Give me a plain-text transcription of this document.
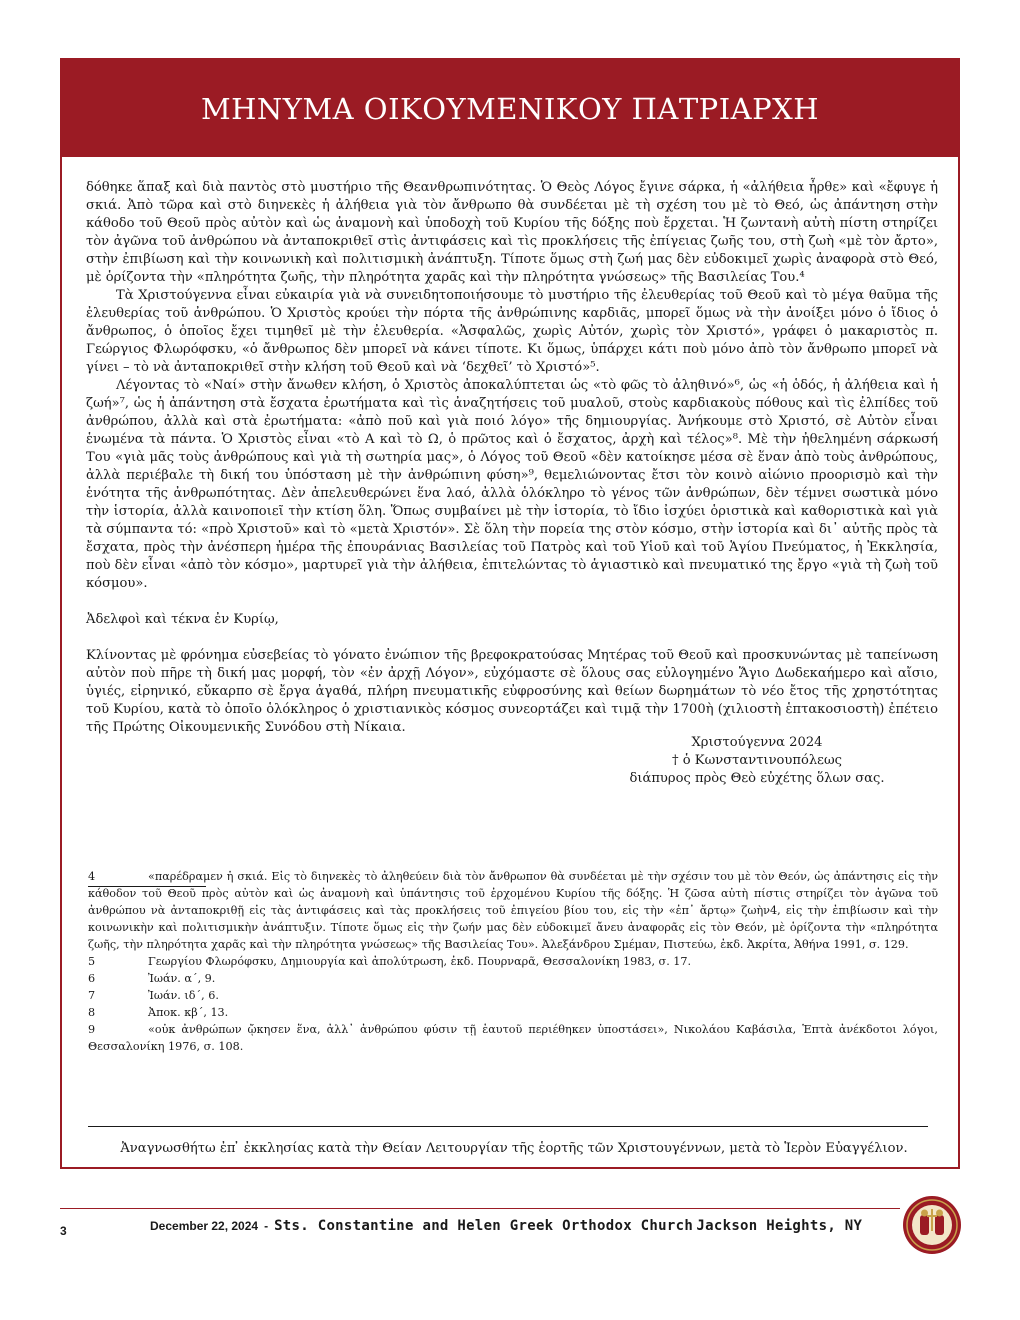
ΜΗΝΥΜΑ ΟΙΚΟΥΜΕΝΙΚΟΥ ΠΑΤΡΙΑΡΧΗ

δόθηκε ἅπαξ καὶ διὰ παντὸς στὸ μυστήριο τῆς Θεανθρωπινότητας. Ὁ Θεὸς Λόγος ἔγινε σάρκα, ἡ «ἀλήθεια ἦρθε» καὶ «ἔφυγε ἡ σκιά. Ἀπὸ τῶρα καὶ στὸ διηνεκὲς ἡ ἀλήθεια γιὰ τὸν ἄνθρωπο θὰ συνδέεται μὲ τὴ σχέση του μὲ τὸ Θεό, ὡς ἀπάντηση στὴν κάθοδο τοῦ Θεοῦ πρὸς αὐτὸν καὶ ὡς ἀναμονὴ καὶ ὑποδοχὴ τοῦ Κυρίου τῆς δόξης ποὺ ἔρχεται. Ἡ ζωντανὴ αὐτὴ πίστη στηρίζει τὸν ἀγῶνα τοῦ ἀνθρώπου νὰ ἀνταποκριθεῖ στὶς ἀντιφάσεις καὶ τὶς προκλήσεις τῆς ἐπίγειας ζωῆς του, στὴ ζωὴ «μὲ τὸν ἄρτο», στὴν ἐπιβίωση καὶ τὴν κοινωνικὴ καὶ πολιτισμικὴ ἀνάπτυξη. Τίποτε ὅμως στὴ ζωή μας δὲν εὐδοκιμεῖ χωρὶς ἀναφορὰ στὸ Θεό, μὲ ὁρίζοντα τὴν «πληρότητα ζωῆς, τὴν πληρότητα χαρᾶς καὶ τὴν πληρότητα γνώσεως» τῆς Βασιλείας Του.⁴

Τὰ Χριστούγεννα εἶναι εὐκαιρία γιὰ νὰ συνειδητοποιήσουμε τὸ μυστήριο τῆς ἐλευθερίας τοῦ Θεοῦ καὶ τὸ μέγα θαῦμα τῆς ἐλευθερίας τοῦ ἀνθρώπου. Ὁ Χριστὸς κρούει τὴν πόρτα τῆς ἀνθρώπινης καρδιᾶς, μπορεῖ ὅμως νὰ τὴν ἀνοίξει μόνο ὁ ἴδιος ὁ ἄνθρωπος, ὁ ὁποῖος ἔχει τιμηθεῖ μὲ τὴν ἐλευθερία. «Ἀσφαλῶς, χωρὶς Αὐτόν, χωρὶς τὸν Χριστό», γράφει ὁ μακαριστὸς π. Γεώργιος Φλωρόφσκυ, «ὁ ἄνθρωπος δὲν μπορεῖ νὰ κάνει τίποτε. Κι ὅμως, ὑπάρχει κάτι ποὺ μόνο ἀπὸ τὸν ἄνθρωπο μπορεῖ νὰ γίνει – τὸ νὰ ἀνταποκριθεῖ στὴν κλήση τοῦ Θεοῦ καὶ νὰ ‘δεχθεῖ’ τὸ Χριστό»⁵.

Λέγοντας τὸ «Ναί» στὴν ἄνωθεν κλήση, ὁ Χριστὸς ἀποκαλύπτεται ὡς «τὸ φῶς τὸ ἀληθινό»⁶, ὡς «ἡ ὁδός, ἡ ἀλήθεια καὶ ἡ ζωή»⁷, ὡς ἡ ἀπάντηση στὰ ἔσχατα ἐρωτήματα καὶ τὶς ἀναζητήσεις τοῦ μυαλοῦ, στοὺς καρδιακοὺς πόθους καὶ τὶς ἐλπίδες τοῦ ἀνθρώπου, ἀλλὰ καὶ στὰ ἐρωτήματα: «ἀπὸ ποῦ καὶ γιὰ ποιό λόγο» τῆς δημιουργίας. Ἀνήκουμε στὸ Χριστό, σὲ Αὐτὸν εἶναι ἑνωμένα τὰ πάντα. Ὁ Χριστὸς εἶναι «τὸ Α καὶ τὸ Ω, ὁ πρῶτος καὶ ὁ ἔσχατος, ἀρχὴ καὶ τέλος»⁸. Μὲ τὴν ἠθελημένη σάρκωσή Του «γιὰ μᾶς τοὺς ἀνθρώπους καὶ γιὰ τὴ σωτηρία μας», ὁ Λόγος τοῦ Θεοῦ «δὲν κατοίκησε μέσα σὲ ἕναν ἀπὸ τοὺς ἀνθρώπους, ἀλλὰ περιέβαλε τὴ δική του ὑπόσταση μὲ τὴν ἀνθρώπινη φύση»⁹, θεμελιώνοντας ἔτσι τὸν κοινὸ αἰώνιο προορισμὸ καὶ τὴν ἑνότητα τῆς ἀνθρωπότητας. Δὲν ἀπελευθερώνει ἕνα λαό, ἀλλὰ ὁλόκληρο τὸ γένος τῶν ἀνθρώπων, δὲν τέμνει σωστικὰ μόνο τὴν ἱστορία, ἀλλὰ καινοποιεῖ τὴν κτίση ὅλη. Ὅπως συμβαίνει μὲ τὴν ἱστορία, τὸ ἴδιο ἰσχύει ὁριστικὰ καὶ καθοριστικὰ καὶ γιὰ τὰ σύμπαντα τό: «πρὸ Χριστοῦ» καὶ τὸ «μετὰ Χριστόν». Σὲ ὅλη τὴν πορεία της στὸν κόσμο, στὴν ἱστορία καὶ δι᾿ αὐτῆς πρὸς τὰ ἔσχατα, πρὸς τὴν ἀνέσπερη ἡμέρα τῆς ἐπουράνιας Βασιλείας τοῦ Πατρὸς καὶ τοῦ Υἱοῦ καὶ τοῦ Ἁγίου Πνεύματος, ἡ Ἐκκλησία, ποὺ δὲν εἶναι «ἀπὸ τὸν κόσμο», μαρτυρεῖ γιὰ τὴν ἀλήθεια, ἐπιτελώντας τὸ ἁγιαστικὸ καὶ πνευματικό της ἔργο «γιὰ τὴ ζωὴ τοῦ κόσμου».

Ἀδελφοὶ καὶ τέκνα ἐν Κυρίῳ,

Κλίνοντας μὲ φρόνημα εὐσεβείας τὸ γόνατο ἐνώπιον τῆς βρεφοκρατούσας Μητέρας τοῦ Θεοῦ καὶ προσκυνώντας μὲ ταπείνωση αὐτὸν ποὺ πῆρε τὴ δική μας μορφή, τὸν «ἐν ἀρχῇ Λόγον», εὐχόμαστε σὲ ὅλους σας εὐλογημένο Ἅγιο Δωδεκαήμερο καὶ αἴσιο, ὑγιές, εἰρηνικό, εὔκαρπο σὲ ἔργα ἀγαθά, πλήρη πνευματικῆς εὐφροσύνης καὶ θείων δωρημάτων τὸ νέο ἔτος τῆς χρηστότητας τοῦ Κυρίου, κατὰ τὸ ὁποῖο ὁλόκληρος ὁ χριστιανικὸς κόσμος συνεορτάζει καὶ τιμᾷ τὴν 1700ὴ (χιλιοστὴ ἑπτακοσιοστὴ) ἐπέτειο τῆς Πρώτης Οἰκουμενικῆς Συνόδου στὴ Νίκαια.

Χριστούγεννα 2024
† ὁ Κωνσταντινουπόλεως
διάπυρος πρὸς Θεὸ εὐχέτης ὅλων σας.
4	«παρέδραμεν ἡ σκιά. Εἰς τὸ διηνεκὲς τὸ ἀληθεύειν διὰ τὸν ἄνθρωπον θὰ συνδέεται μὲ τὴν σχέσιν του μὲ τὸν Θεόν, ὡς ἀπάντησις εἰς τὴν κάθοδον τοῦ Θεοῦ πρὸς αὐτὸν καὶ ὡς ἀναμονὴ καὶ ὑπάντησις τοῦ ἐρχομένου Κυρίου τῆς δόξης. Ἡ ζῶσα αὐτὴ πίστις στηρίζει τὸν ἀγῶνα τοῦ ἀνθρώπου νὰ ἀνταποκριθῇ εἰς τὰς ἀντιφάσεις καὶ τὰς προκλήσεις τοῦ ἐπιγείου βίου του, εἰς τὴν «ἐπ᾿ ἄρτῳ» ζωὴν4, εἰς τὴν ἐπιβίωσιν καὶ τὴν κοινωνικὴν καὶ πολιτισμικὴν ἀνάπτυξιν. Τίποτε ὅμως εἰς τὴν ζωήν μας δὲν εὐδοκιμεῖ ἄνευ ἀναφορᾶς εἰς τὸν Θεόν, μὲ ὁρίζοντα τὴν «πληρότητα ζωῆς, τὴν πληρότητα χαρᾶς καὶ τὴν πληρότητα γνώσεως» τῆς Βασιλείας Του». Ἀλεξάνδρου Σμέμαν, Πιστεύω, ἐκδ. Ἀκρίτα, Ἀθήνα 1991, σ. 129.
5	Γεωργίου Φλωρόφσκυ, Δημιουργία καὶ ἀπολύτρωση, ἐκδ. Πουρναρᾶ, Θεσσαλονίκη 1983, σ. 17.
6	Ἰωάν. α΄, 9.
7	Ἰωάν. ιδ΄, 6.
8	Ἀποκ. κβ΄, 13.
9	«οὐκ ἀνθρώπων ᾤκησεν ἕνα, ἀλλ᾿ ἀνθρώπου φύσιν τῇ ἑαυτοῦ περιέθηκεν ὑποστάσει», Νικολάου Καβάσιλα, Ἑπτὰ ἀνέκδοτοι λόγοι, Θεσσαλονίκη 1976, σ. 108.
Ἀναγνωσθήτω ἐπ ̓ ἐκκλησίας κατὰ τὴν Θείαν Λειτουργίαν τῆς ἑορτῆς τῶν Χριστουγέννων, μετὰ τὸ Ἱερὸν Εὐαγγέλιον.
3	December 22, 2024 - Sts. Constantine and Helen Greek Orthodox Church Jackson Heights, NY
